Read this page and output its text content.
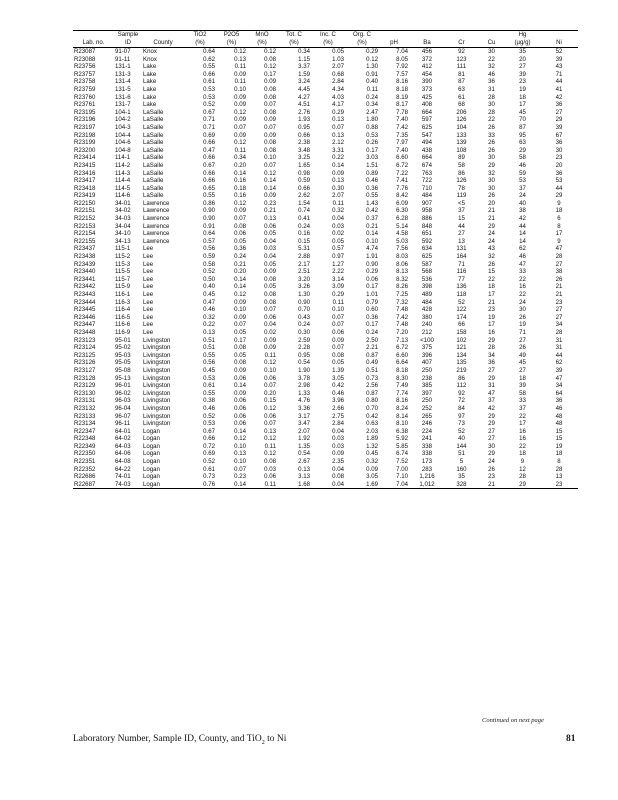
	Sample		TiO2	P2O5	MnO	Tot. C	Inc. C	Org. C					Hg	
Lab. no.	ID	County	(%)	(%)	(%)	(%)	(%)	(%)	pH	Ba	Cr	Cu	(µg/g)	Ni
R23087	91-07	Knox	0.64	0.12	0.12	0.34	0.05	0.29	7.04	456	92	30	35	52
R23088	91-11	Knox	0.62	0.13	0.08	1.15	1.03	0.12	8.05	372	123	22	20	39
R23756	131-1	Lake	0.55	0.11	0.12	3.37	2.07	1.30	7.92	412	111	32	27	43
R23757	131-3	Lake	0.66	0.09	0.17	1.59	0.68	0.91	7.57	454	81	46	39	71
R23758	131-4	Lake	0.61	0.11	0.09	3.24	2.84	0.40	8.16	390	87	36	23	44
R23759	131-5	Lake	0.53	0.10	0.08	4.45	4.34	0.11	8.18	373	63	31	19	41
R23760	131-6	Lake	0.53	0.09	0.08	4.27	4.03	0.24	8.19	425	61	28	18	42
R23761	131-7	Lake	0.52	0.09	0.07	4.51	4.17	0.34	8.17	408	68	30	17	36
R23195	104-1	LaSalle	0.67	0.12	0.08	2.76	0.29	2.47	7.78	664	206	28	45	27
R23196	104-2	LaSalle	0.71	0.09	0.09	1.93	0.13	1.80	7.40	597	126	22	70	29
R23197	104-3	LaSalle	0.71	0.07	0.07	0.95	0.07	0.88	7.42	625	104	26	87	39
R23198	104-4	LaSalle	0.69	0.09	0.09	0.66	0.13	0.53	7.35	547	133	33	95	67
R23199	104-6	LaSalle	0.66	0.12	0.08	2.38	2.12	0.26	7.97	494	139	26	63	36
R23200	104-8	LaSalle	0.47	0.11	0.08	3.48	3.31	0.17	7.40	438	108	26	29	30
R23414	114-1	LaSalle	0.66	0.34	0.10	3.25	0.22	3.03	6.60	664	89	30	58	23
R23415	114-2	LaSalle	0.67	0.20	0.07	1.65	0.14	1.51	6.72	674	58	29	46	20
R23416	114-3	LaSalle	0.66	0.14	0.12	0.98	0.09	0.89	7.22	763	86	32	59	36
R23417	114-4	LaSalle	0.66	0.16	0.14	0.59	0.13	0.46	7.41	722	126	30	53	53
R23418	114-5	LaSalle	0.65	0.18	0.14	0.66	0.30	0.36	7.76	710	78	30	37	44
R23419	114-6	LaSalle	0.55	0.16	0.09	2.62	2.07	0.55	8.42	484	119	26	24	29
R22150	34-01	Lawrence	0.86	0.12	0.23	1.54	0.11	1.43	6.09	907	<5	20	40	9
R22151	34-02	Lawrence	0.90	0.09	0.21	0.74	0.32	0.42	6.30	958	37	21	38	18
R22152	34-03	Lawrence	0.90	0.07	0.13	0.41	0.04	0.37	6.28	886	15	21	42	6
R22153	34-04	Lawrence	0.91	0.08	0.06	0.24	0.03	0.21	5.14	848	44	29	44	8
R22154	34-10	Lawrence	0.64	0.06	0.05	0.16	0.02	0.14	4.58	651	27	24	14	17
R22155	34-13	Lawrence	0.57	0.05	0.04	0.15	0.05	0.10	5.03	592	13	24	14	9
R23437	115-1	Lee	0.56	0.36	0.03	5.31	0.57	4.74	7.56	634	131	43	62	47
R23438	115-2	Lee	0.59	0.24	0.04	2.88	0.97	1.91	8.03	625	164	32	46	28
R23439	115-3	Lee	0.58	0.21	0.05	2.17	1.27	0.90	8.06	587	71	26	47	27
R23440	115-5	Lee	0.52	0.20	0.09	2.51	2.22	0.29	8.13	568	116	15	33	38
R23441	115-7	Lee	0.50	0.14	0.08	3.20	3.14	0.06	8.32	536	77	22	22	26
R23442	115-9	Lee	0.40	0.14	0.05	3.26	3.09	0.17	8.26	398	136	18	16	21
R23443	116-1	Lee	0.45	0.12	0.08	1.30	0.29	1.01	7.25	489	118	17	22	21
R23444	116-3	Lee	0.47	0.09	0.08	0.90	0.11	0.79	7.32	484	52	21	24	23
R23445	116-4	Lee	0.46	0.10	0.07	0.70	0.10	0.60	7.48	428	122	23	30	27
R23446	116-5	Lee	0.32	0.09	0.06	0.43	0.07	0.36	7.42	380	174	19	26	27
R23447	116-6	Lee	0.22	0.07	0.04	0.24	0.07	0.17	7.48	240	66	17	19	34
R23448	116-9	Lee	0.13	0.05	0.02	0.30	0.06	0.24	7.20	212	158	16	71	28
R23123	95-01	Livingston	0.51	0.17	0.09	2.59	0.09	2.50	7.13	<100	102	29	27	31
R23124	95-02	Livingston	0.51	0.08	0.09	2.28	0.07	2.21	6.72	375	121	28	26	31
R23125	95-03	Livingston	0.55	0.05	0.11	0.95	0.08	0.87	6.60	396	134	34	49	44
R23126	95-05	Livingston	0.56	0.08	0.12	0.54	0.05	0.49	6.64	407	135	36	45	62
R23127	95-08	Livingston	0.45	0.09	0.10	1.90	1.39	0.51	8.18	250	219	27	27	39
R23128	95-13	Livingston	0.53	0.06	0.06	3.78	3.05	0.73	8.30	238	86	29	18	47
R23129	96-01	Livingston	0.61	0.14	0.07	2.98	0.42	2.56	7.49	385	112	31	39	34
R23130	96-02	Livingston	0.55	0.09	0.20	1.33	0.46	0.87	7.74	397	92	47	58	64
R23131	96-03	Livingston	0.38	0.06	0.15	4.76	3.96	0.80	8.16	250	72	37	33	36
R23132	96-04	Livingston	0.46	0.06	0.12	3.36	2.66	0.70	8.24	252	84	42	37	46
R23133	96-07	Livingston	0.52	0.06	0.06	3.17	2.75	0.42	8.14	265	97	29	22	48
R23134	96-11	Livingston	0.53	0.06	0.07	3.47	2.84	0.63	8.10	246	73	29	17	48
R22347	64-01	Logan	0.67	0.14	0.13	2.07	0.04	2.03	6.38	224	52	27	16	15
R22348	64-02	Logan	0.66	0.12	0.12	1.92	0.03	1.89	5.92	241	40	27	16	15
R22349	64-03	Logan	0.72	0.10	0.11	1.35	0.03	1.32	5.85	338	144	30	22	19
R22350	64-06	Logan	0.69	0.13	0.12	0.54	0.09	0.45	6.74	338	51	29	18	18
R22351	64-08	Logan	0.52	0.10	0.08	2.67	2.35	0.32	7.52	173	5	24	9	8
R22352	64-22	Logan	0.61	0.07	0.03	0.13	0.04	0.09	7.00	283	160	26	12	28
R22686	74-01	Logan	0.73	0.23	0.06	3.13	0.08	3.05	7.10	1,216	35	23	28	13
R22687	74-03	Logan	0.76	0.14	0.11	1.68	0.04	1.69	7.04	1,012	328	21	29	23
Continued on next page
Laboratory Number, Sample ID, County, and TiO$_2$ to Ni	81
